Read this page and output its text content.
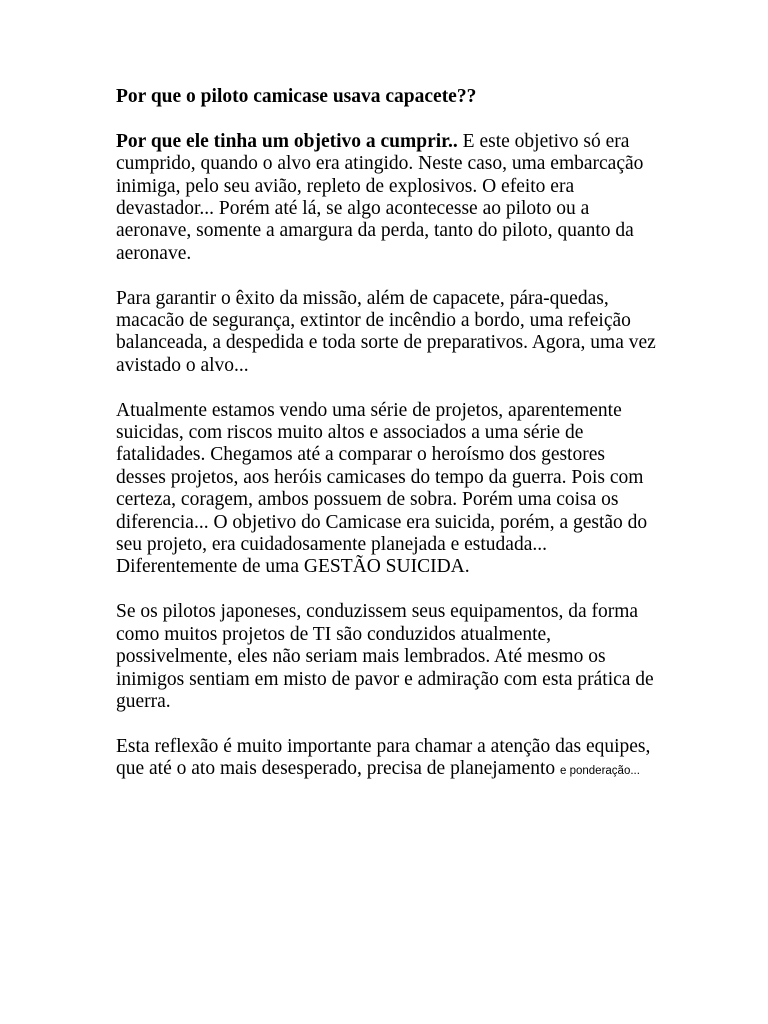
Por que o piloto camicase usava capacete??

Por que ele tinha um objetivo a cumprir.. E este objetivo só era cumprido, quando o alvo era atingido. Neste caso, uma embarcação inimiga, pelo seu avião, repleto de explosivos. O efeito era devastador... Porém até lá, se algo acontecesse ao piloto ou a aeronave, somente a amargura da perda, tanto do piloto, quanto da aeronave.

Para garantir o êxito da missão, além de capacete, pára-quedas, macacão de segurança, extintor de incêndio a bordo, uma refeição balanceada, a despedida e toda sorte de preparativos. Agora, uma vez avistado o alvo...

Atualmente estamos vendo uma série de projetos, aparentemente suicidas, com riscos muito altos e associados a uma série de fatalidades. Chegamos até a comparar o heroísmo dos gestores desses projetos, aos heróis camicases do tempo da guerra. Pois com certeza, coragem, ambos possuem de sobra. Porém uma coisa os diferencia... O objetivo do Camicase era suicida, porém, a gestão do seu projeto, era cuidadosamente planejada e estudada... Diferentemente de uma GESTÃO SUICIDA.

Se os pilotos japoneses, conduzissem seus equipamentos, da forma como muitos projetos de TI são conduzidos atualmente, possivelmente, eles não seriam mais lembrados. Até mesmo os inimigos sentiam em misto de pavor e admiração com esta prática de guerra.

Esta reflexão é muito importante para chamar a atenção das equipes, que até o ato mais desesperado, precisa de planejamento e ponderação...
